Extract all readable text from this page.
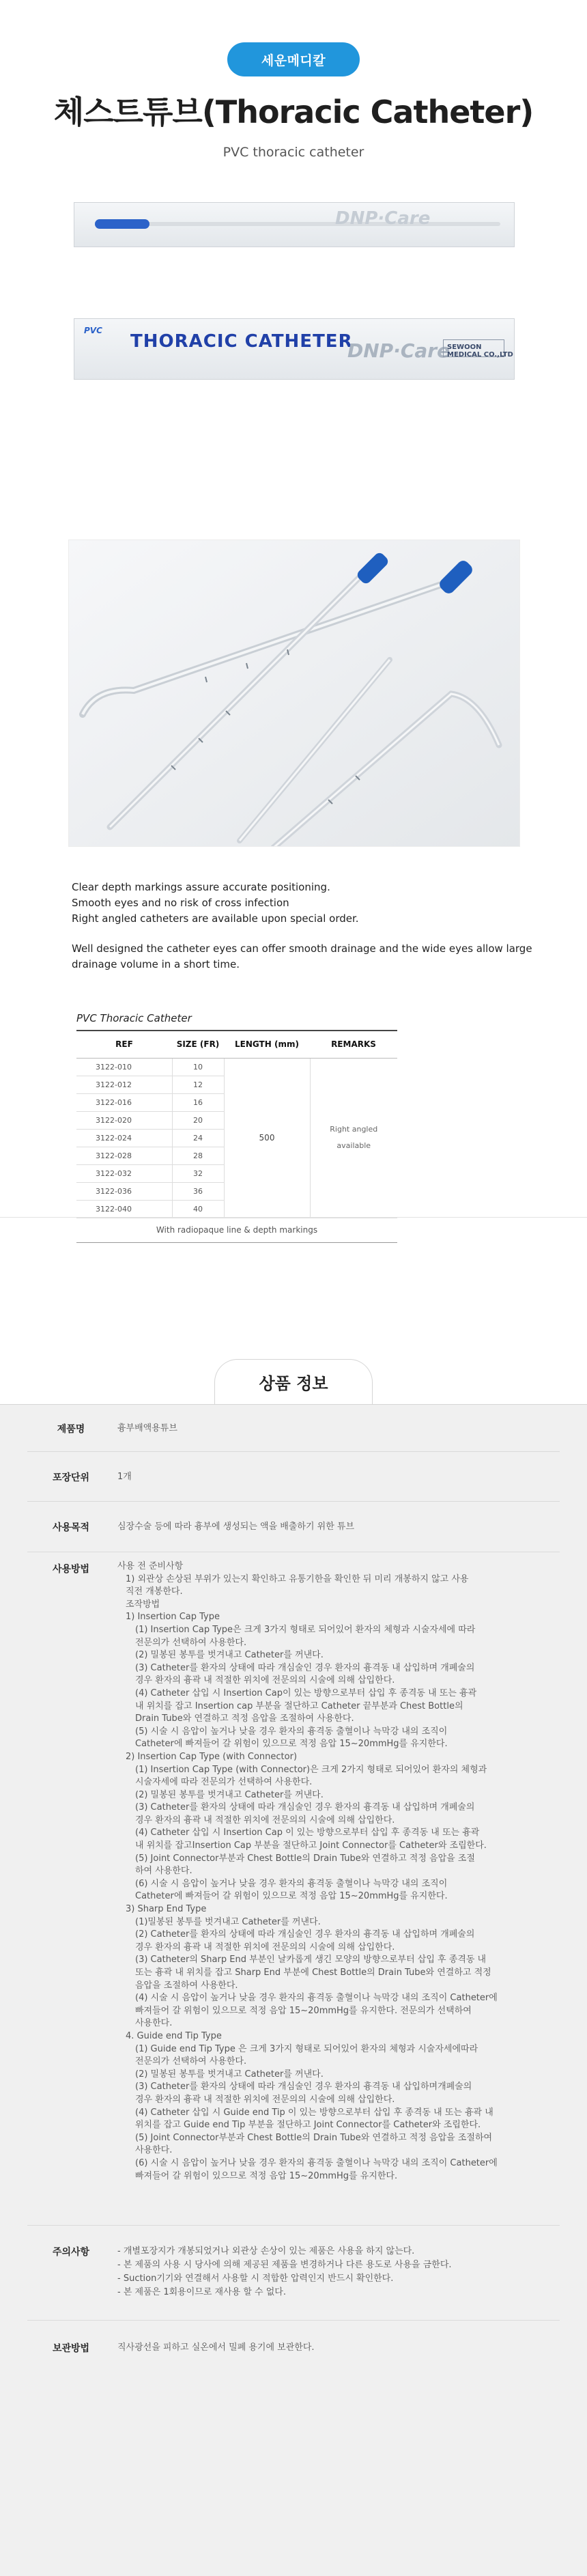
세운메디칼
체스트튜브(Thoracic Catheter)
PVC thoracic catheter
DNP·Care
PVC
THORACIC CATHETER
DNP·Care
SEWOON MEDICAL CO.,LTD
Clear depth markings assure accurate positioning.
Smooth eyes and no risk of cross infection
Right angled catheters are available upon special order.
Well designed the catheter eyes can offer smooth drainage and the wide eyes allow large
drainage volume in a short time.
PVC Thoracic Catheter
REF	SIZE (FR)	LENGTH (mm)	REMARKS
3122-010	10	500	Right angled
available

3122-012	12		
3122-016	16		
3122-020	20		
3122-024	24		
3122-028	28		
3122-032	32		
3122-036	36		
3122-040	40		
With radiopaque line & depth markings			
상품 정보
제품명	흉부배액용튜브
포장단위	1개
사용목적	심장수술 등에 따라 흉부에 생성되는 액을 배출하기 위한 튜브
사용방법	사용 전 준비사항

1) 외관상 손상된 부위가 있는지 확인하고 유통기한을 확인한 뒤 미리 개봉하지 않고 사용

직전 개봉한다.

조작방법

1) Insertion Cap Type

(1) Insertion Cap Type은 크게 3가지 형태로 되어있어 환자의 체형과 시술자세에 따라

전문의가 선택하여 사용한다.

(2) 밀봉된 봉투를 벗겨내고 Catheter를 꺼낸다.

(3) Catheter를 환자의 상태에 따라 개심술인 경우 환자의 흉격동 내 삽입하며 개폐술의

경우 환자의 흉곽 내 적절한 위치에 전문의의 시술에 의해 삽입한다.

(4) Catheter 삽입 시 Insertion Cap이 있는 방향으로부터 삽입 후 종격동 내 또는 흉곽

내 위치를 잡고 Insertion cap 부분을 절단하고 Catheter 끝부분과 Chest Bottle의

Drain Tube와 연결하고 적정 음압을 조절하여 사용한다.

(5) 시술 시 음압이 높거나 낮을 경우 환자의 흉격동 출혈이나 늑막강 내의 조직이

Catheter에 빠져들어 갈 위험이 있으므로 적정 음압 15~20mmHg를 유지한다.

2) Insertion Cap Type (with Connector)

(1) Insertion Cap Type (with Connector)은 크게 2가지 형태로 되어있어 환자의 체형과

시술자세에 따라 전문의가 선택하여 사용한다.

(2) 밀봉된 봉투를 벗겨내고 Catheter를 꺼낸다.

(3) Catheter를 환자의 상태에 따라 개심술인 경우 환자의 흉격동 내 삽입하며 개폐술의

경우 환자의 흉곽 내 적절한 위치에 전문의의 시술에 의해 삽입한다.

(4) Catheter 삽입 시 Insertion Cap 이 있는 방향으로부터 삽입 후 종격동 내 또는 흉곽

내 위치를 잡고Insertion Cap 부분을 절단하고 Joint Connector를 Catheter와 조립한다.

(5) Joint Connector부분과 Chest Bottle의 Drain Tube와 연결하고 적정 음압을 조절

하여 사용한다.

(6) 시술 시 음압이 높거나 낮을 경우 환자의 흉격동 출혈이나 늑막강 내의 조직이

Catheter에 빠져들어 갈 위험이 있으므로 적정 음압 15~20mmHg를 유지한다.

3) Sharp End Type

(1)밀봉된 봉투를 벗겨내고 Catheter를 꺼낸다.

(2) Catheter를 환자의 상태에 따라 개심술인 경우 환자의 흉격동 내 삽입하며 개폐술의

경우 환자의 흉곽 내 적절한 위치에 전문의의 시술에 의해 삽입한다.

(3) Catheter의 Sharp End 부분인 날카롭게 생긴 모양의 방향으로부터 삽입 후 종격동 내

또는 흉곽 내 위치를 잡고 Sharp End 부분에 Chest Bottle의 Drain Tube와 연결하고 적정

음압을 조절하여 사용한다.

(4) 시술 시 음압이 높거나 낮을 경우 환자의 흉격동 출혈이나 늑막강 내의 조직이 Catheter에

빠져들어 갈 위험이 있으므로 적정 음압 15~20mmHg를 유지한다. 전문의가 선택하여

사용한다.

4. Guide end Tip Type

(1) Guide end Tip Type 은 크게 3가지 형태로 되어있어 환자의 체형과 시술자세에따라

전문의가 선택하여 사용한다.

(2) 밀봉된 봉투를 벗겨내고 Catheter를 꺼낸다.

(3) Catheter를 환자의 상태에 따라 개심술인 경우 환자의 흉격동 내 삽입하며개폐술의

경우 환자의 흉곽 내 적절한 위치에 전문의의 시술에 의해 삽입한다.

(4) Catheter 삽입 시 Guide end Tip 이 있는 방향으로부터 삽입 후 종격동 내 또는 흉곽 내

위치를 잡고 Guide end Tip 부분을 절단하고 Joint Connector를 Catheter와 조립한다.

(5) Joint Connector부분과 Chest Bottle의 Drain Tube와 연결하고 적정 음압을 조절하여

사용한다.

(6) 시술 시 음압이 높거나 낮을 경우 환자의 흉격동 출혈이나 늑막강 내의 조직이 Catheter에

빠져들어 갈 위험이 있으므로 적정 음압 15~20mmHg를 유지한다.

주의사항	- 개별포장지가 개봉되었거나 외관상 손상이 있는 제품은 사용을 하지 않는다.
- 본 제품의 사용 시 당사에 의해 제공된 제품을 변경하거나 다른 용도로 사용을 금한다.
- Suction기기와 연결해서 사용할 시 적합한 압력인지 반드시 확인한다.
- 본 제품은 1회용이므로 재사용 할 수 없다.
보관방법	직사광선을 피하고 실온에서 밀폐 용기에 보관한다.
